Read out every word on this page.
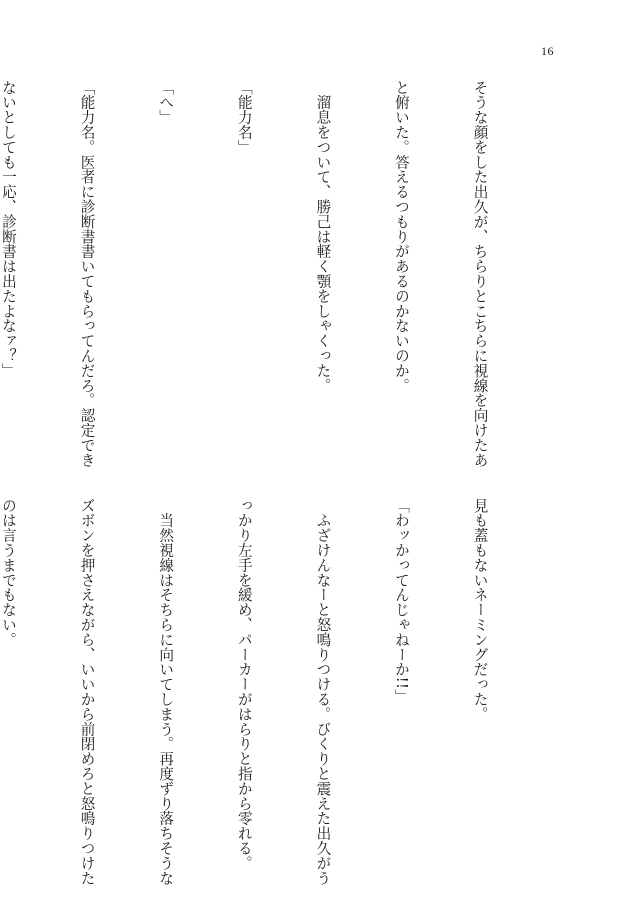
16

そうな顔をした出久が、ちらりとこちらに視線を向けたあ

と俯いた。答えるつもりがあるのかないのか。

　溜息をついて、勝己は軽く顎をしゃくった。

「能力名」

「へ」

「能力名。医者に診断書書いてもらってんだろ。認定でき

ないとしても一応、診断書は出たよなァ？」

見も蓋もないネーミングだった。

「わッかってんじゃねーか!!」

　ふざけんなーと怒鳴りつける。びくりと震えた出久がう

っかり左手を緩め、パーカーがはらりと指から零れる。

　当然視線はそちらに向いてしまう。再度ずり落ちそうな

ズボンを押さえながら、いいから前閉めろと怒鳴りつけた

のは言うまでもない。
